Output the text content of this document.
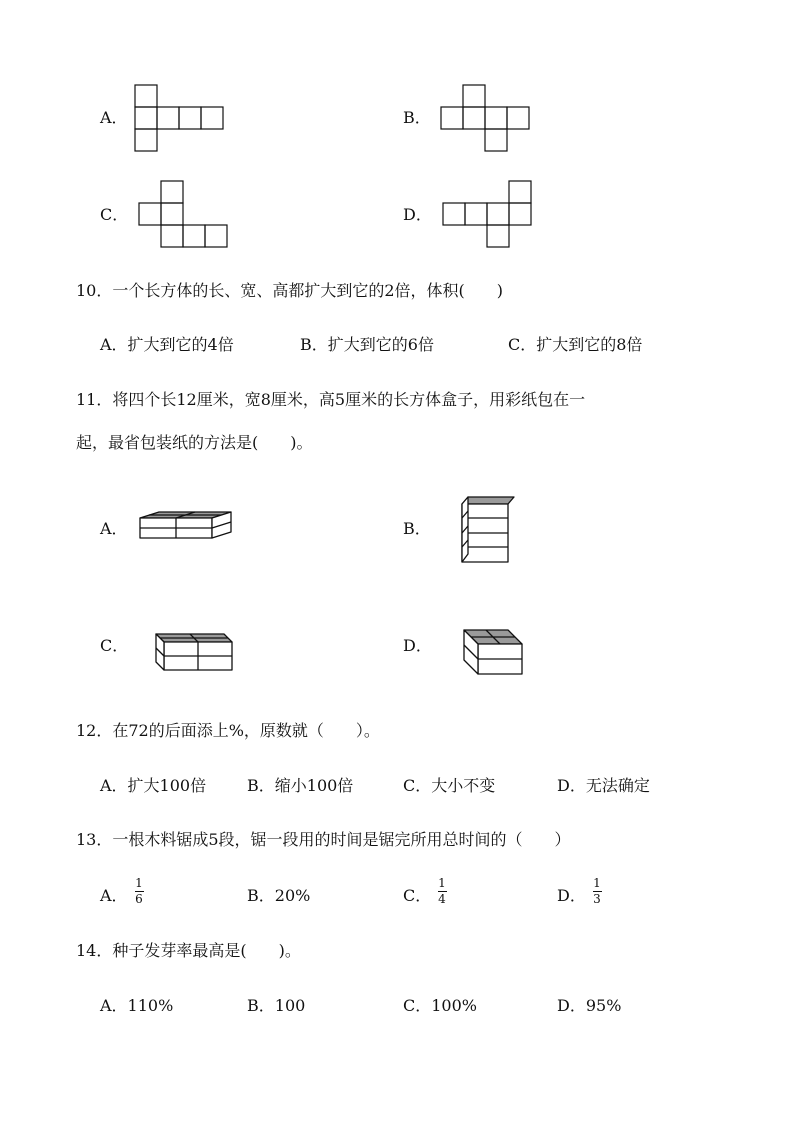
A．	B．
C．	D．
10．一个长方体的长、宽、高都扩大到它的2倍，体积(　　)
A．扩大到它的4倍	B．扩大到它的6倍	C．扩大到它的8倍
11．将四个长12厘米，宽8厘米，高5厘米的长方体盒子，用彩纸包在一
起，最省包装纸的方法是(　　)。
A．	B．
C．	D．
12．在72的后面添上%，原数就（　　）。
A．扩大100倍	B．缩小100倍	C．大小不变	D．无法确定
13．一根木料锯成5段，锯一段用的时间是锯完所用总时间的（　　）
A．
1
6	B．20%	C．
1
4	D．
1
3
14．种子发芽率最高是(　　)。
A．110%	B．100	C．100%	D．95%
